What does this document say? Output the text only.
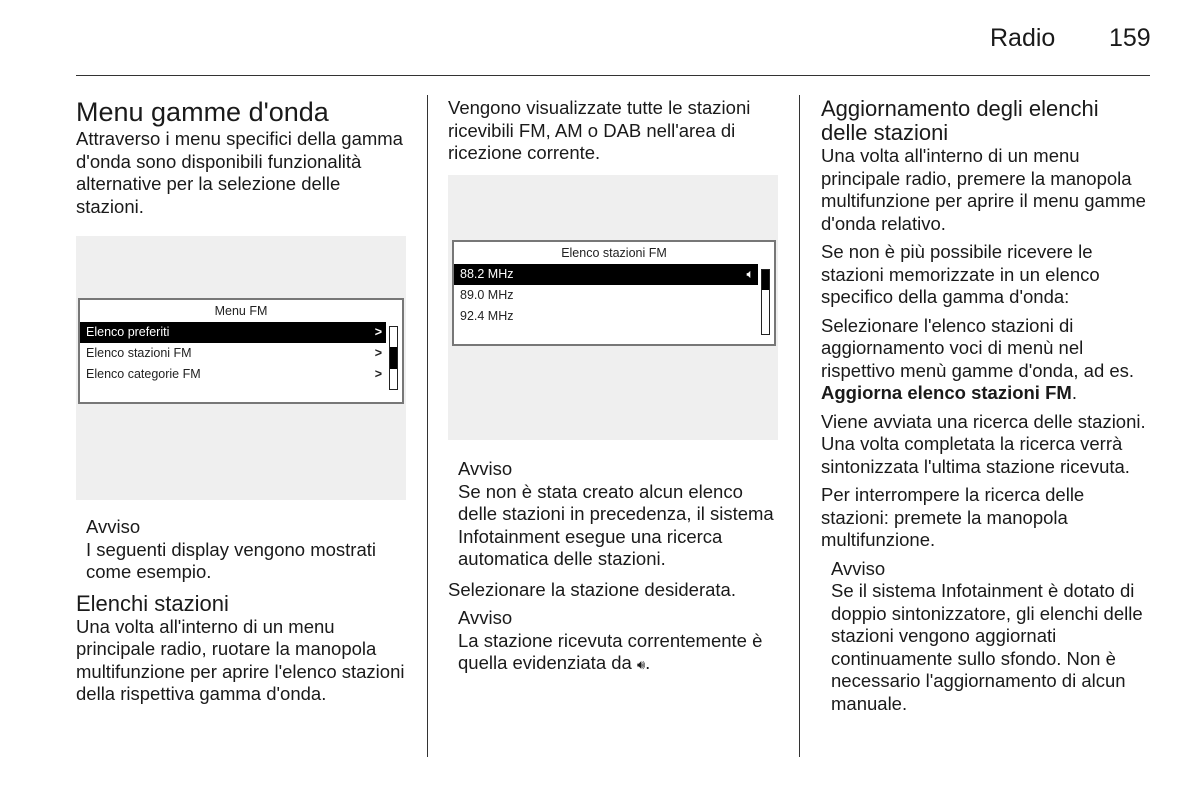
Radio 159
Menu gamme d'onda

Attraverso i menu specifici della gamma d'onda sono disponibili funzionalità alternative per la selezione delle stazioni.

Menu FM
Elenco preferiti	>
Elenco stazioni FM	>
Elenco categorie FM	>
Avviso
I seguenti display vengono mostrati come esempio.
Elenchi stazioni

Una volta all'interno di un menu principale radio, ruotare la manopola multifunzione per aprire l'elenco stazioni della rispettiva gamma d'onda.

Vengono visualizzate tutte le stazioni ricevibili FM, AM o DAB nell'area di ricezione corrente.

Elenco stazioni FM
88.2 MHz	🔈︎
89.0 MHz
92.4 MHz
Avviso
Se non è stata creato alcun elenco delle stazioni in precedenza, il sistema Infotainment esegue una ricerca automatica delle stazioni.

Selezionare la stazione desiderata.

Avviso
La stazione ricevuta correntemente è quella evidenziata da 🔊︎.
Aggiornamento degli elenchi delle stazioni

Una volta all'interno di un menu principale radio, premere la manopola multifunzione per aprire il menu gamme d'onda relativo.

Se non è più possibile ricevere le stazioni memorizzate in un elenco specifico della gamma d'onda:

Selezionare l'elenco stazioni di aggiornamento voci di menù nel rispettivo menù gamme d'onda, ad es. Aggiorna elenco stazioni FM.

Viene avviata una ricerca delle stazioni. Una volta completata la ricerca verrà sintonizzata l'ultima stazione ricevuta.

Per interrompere la ricerca delle stazioni: premete la manopola multifunzione.

Avviso
Se il sistema Infotainment è dotato di doppio sintonizzatore, gli elenchi delle stazioni vengono aggiornati continuamente sullo sfondo. Non è necessario l'aggiornamento di alcun manuale.
